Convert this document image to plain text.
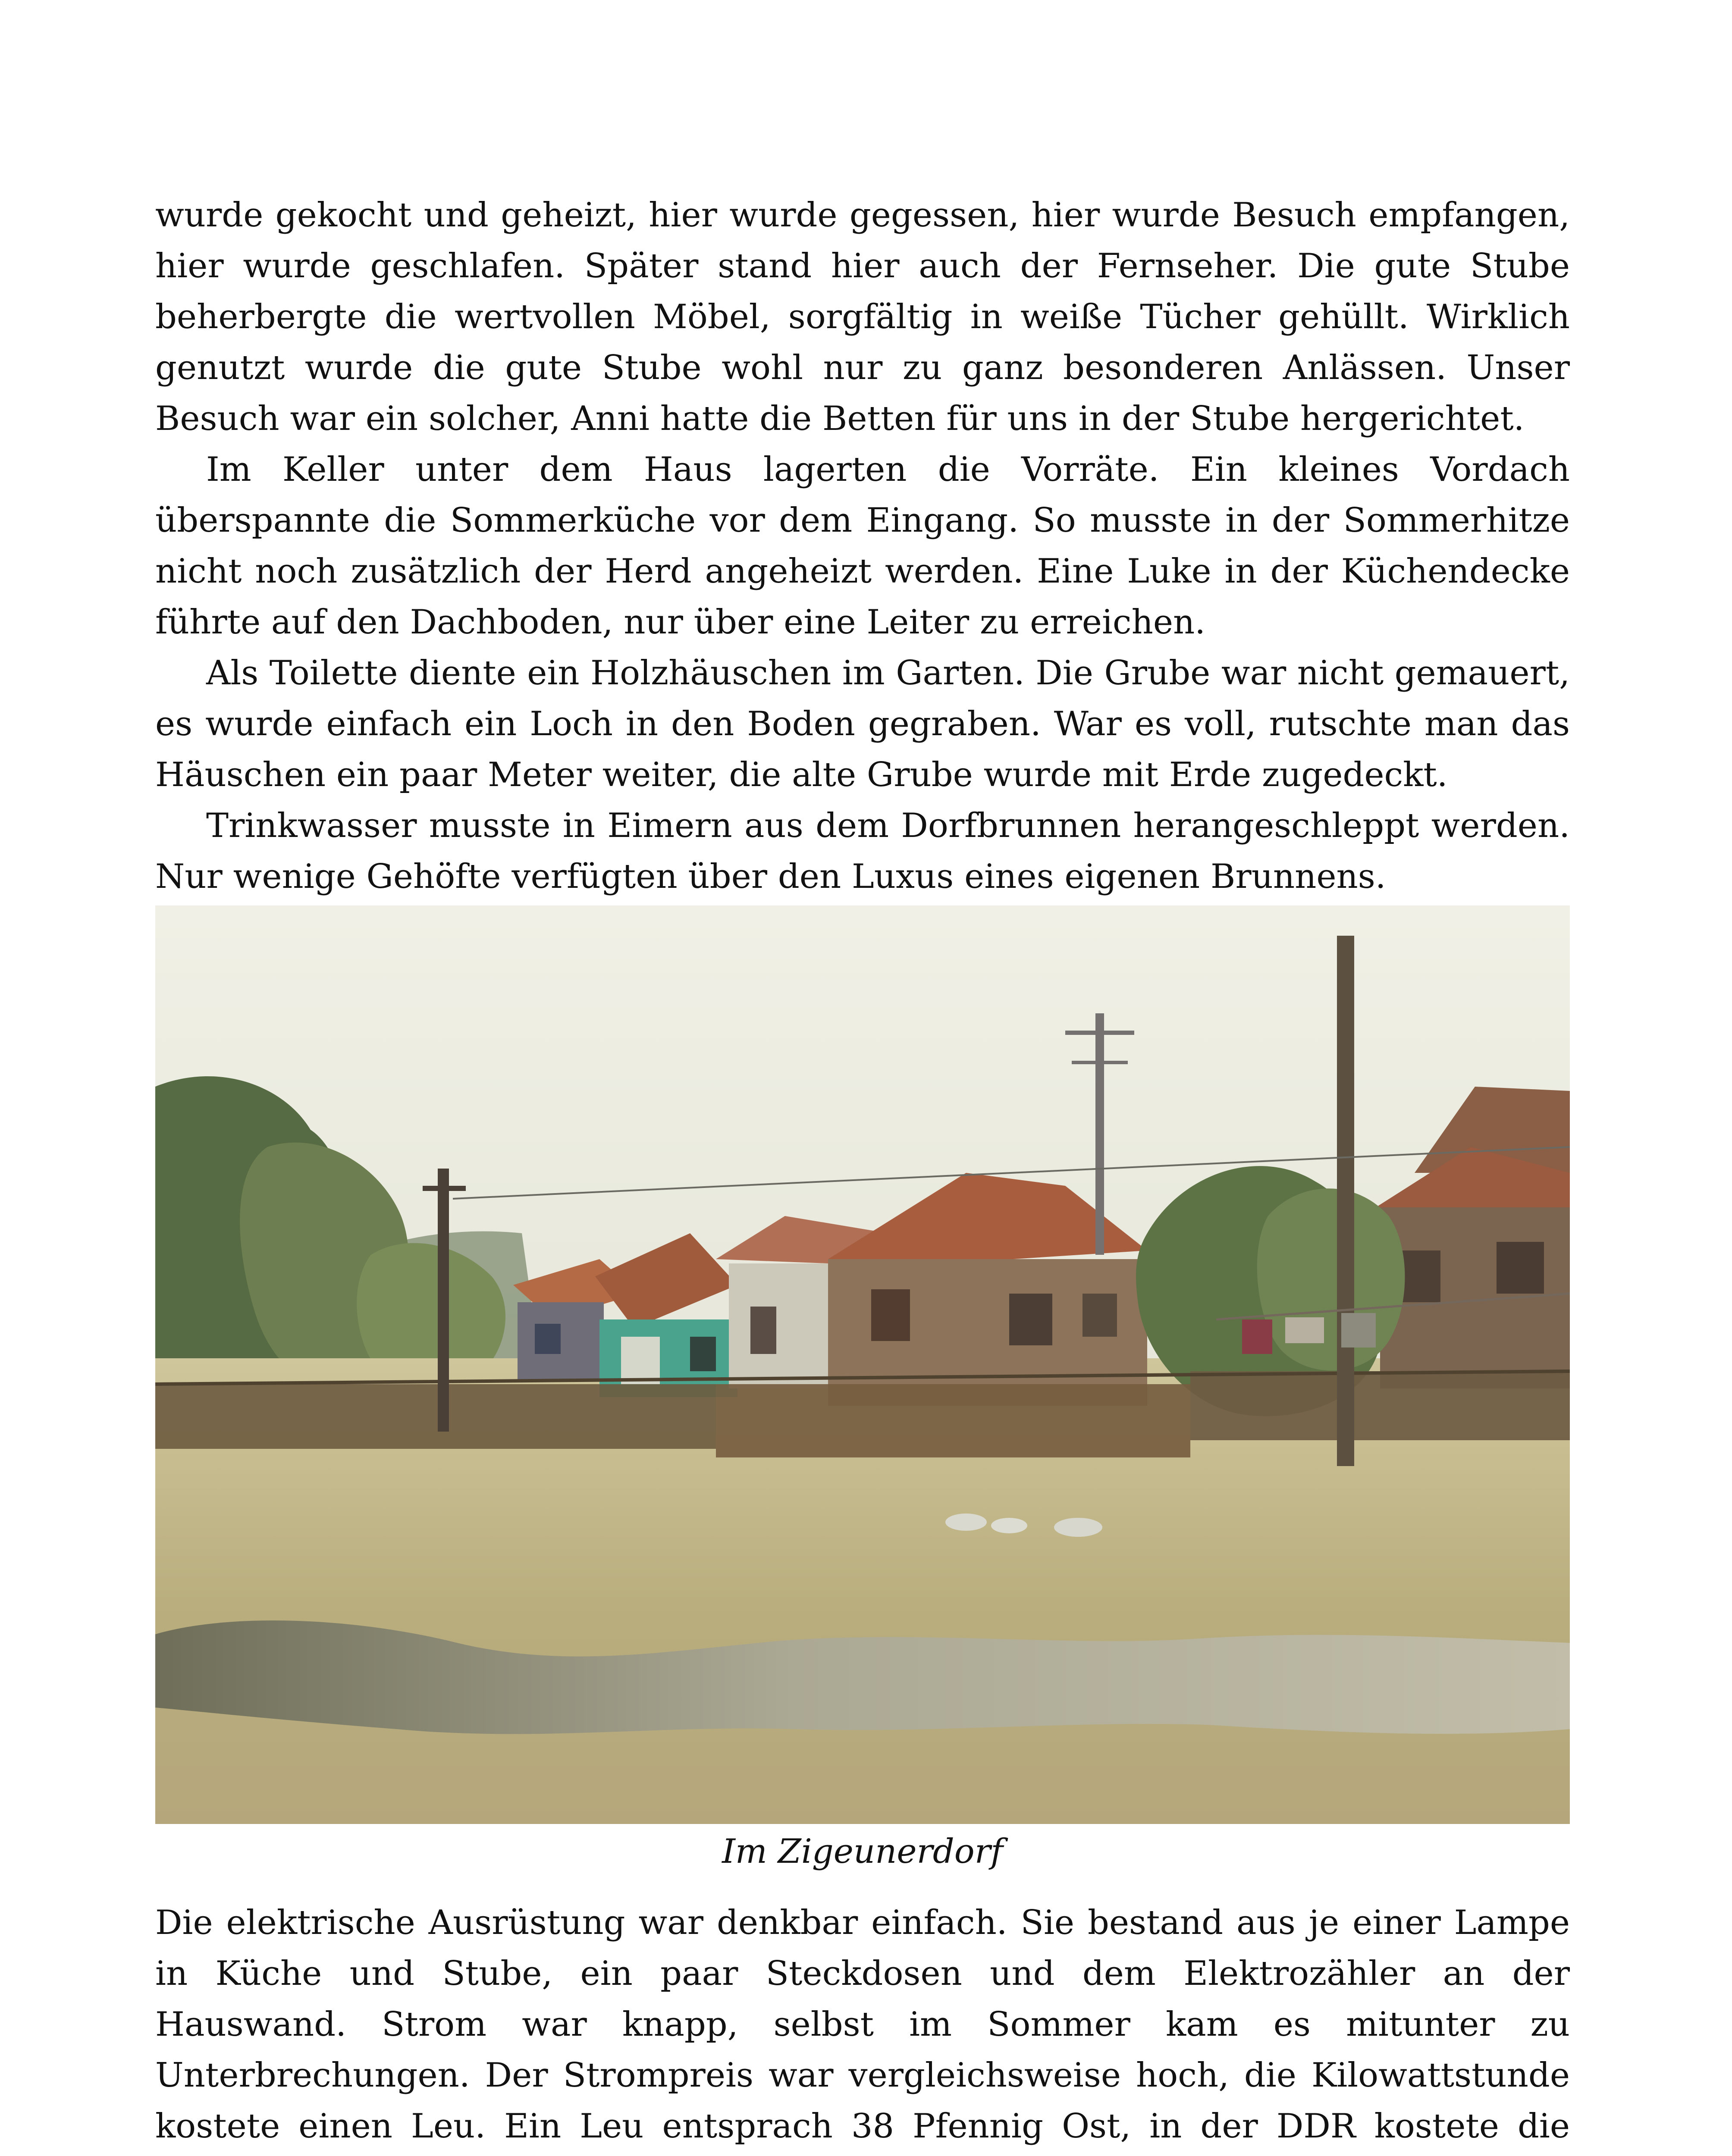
wurde gekocht und geheizt, hier wurde gegessen, hier wurde Besuch empfangen, hier wurde geschlafen. Später stand hier auch der Fernseher. Die gute Stube beherbergte die wertvollen Möbel, sorgfältig in weiße Tücher gehüllt. Wirklich genutzt wurde die gute Stube wohl nur zu ganz besonderen Anlässen. Unser Besuch war ein solcher, Anni hatte die Betten für uns in der Stube hergerichtet.

Im Keller unter dem Haus lagerten die Vorräte. Ein kleines Vordach überspannte die Sommerküche vor dem Eingang. So musste in der Sommerhitze nicht noch zusätzlich der Herd angeheizt werden. Eine Luke in der Küchendecke führte auf den Dachboden, nur über eine Leiter zu erreichen.

Als Toilette diente ein Holzhäuschen im Garten. Die Grube war nicht gemauert, es wurde einfach ein Loch in den Boden gegraben. War es voll, rutschte man das Häuschen ein paar Meter weiter, die alte Grube wurde mit Erde zugedeckt.

Trinkwasser musste in Eimern aus dem Dorfbrunnen herangeschleppt werden. Nur wenige Gehöfte verfügten über den Luxus eines eigenen Brunnens.

Im Zigeunerdorf

Die elektrische Ausrüstung war denkbar einfach. Sie bestand aus je einer Lampe in Küche und Stube, ein paar Steckdosen und dem Elektrozähler an der Hauswand. Strom war knapp, selbst im Sommer kam es mitunter zu Unterbrechungen. Der Strompreis war vergleichsweise hoch, die Kilowattstunde kostete einen Leu. Ein Leu entsprach 38 Pfennig Ost, in der DDR kostete die
